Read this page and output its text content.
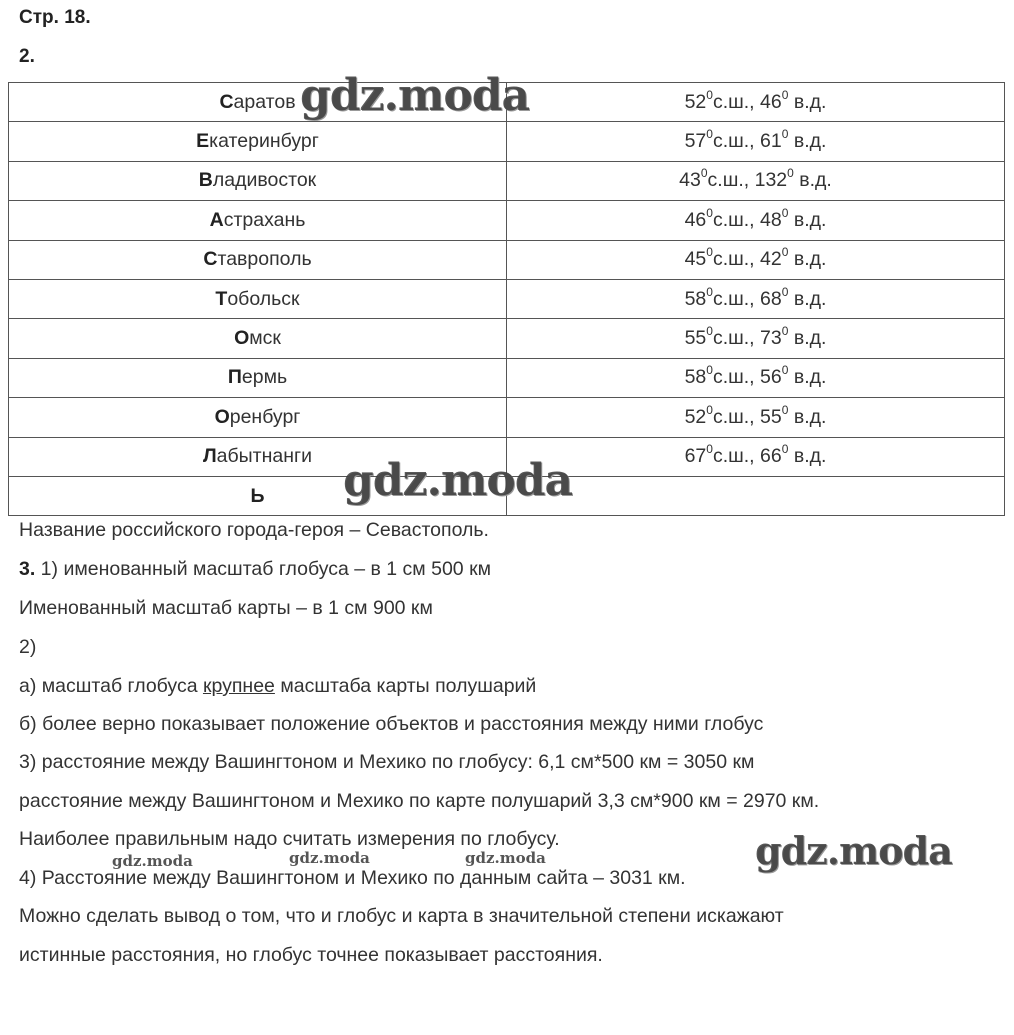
Стр. 18.
2.
Саратов	$52^0с.ш$., $46^0$ в.д.
Екатеринбург	$57^0с.ш$., $61^0$ в.д.
Владивосток	$43^0с.ш$., $132^0$ в.д.
Астрахань	$46^0с.ш$., $48^0$ в.д.
Ставрополь	$45^0с.ш$., $42^0$ в.д.
Тобольск	$58^0с.ш$., $68^0$ в.д.
Омск	$55^0с.ш$., $73^0$ в.д.
Пермь	$58^0с.ш$., $56^0$ в.д.
Оренбург	$52^0с.ш$., $55^0$ в.д.
Лабытнанги	$67^0с.ш$., $66^0$ в.д.
Ь	
Название российского города-героя – Севастополь.
3. 1) именованный масштаб глобуса – в 1 см 500 км
Именованный масштаб карты – в 1 см 900 км
2)
а) масштаб глобуса крупнее масштаба карты полушарий
б) более верно показывает положение объектов и расстояния между ними глобус
3) расстояние между Вашингтоном и Мехико по глобусу: 6,1 см*500 км = 3050 км
расстояние между Вашингтоном и Мехико по карте полушарий 3,3 см*900 км = 2970 км.
Наиболее правильным надо считать измерения по глобусу.
4) Расстояние между Вашингтоном и Мехико по данным сайта – 3031 км.
Можно сделать вывод о том, что и глобус и карта в значительной степени искажают
истинные расстояния, но глобус точнее показывает расстояния.
gdz.moda
gdz.moda
gdz.moda
gdz.moda	gdz.moda	gdz.moda
